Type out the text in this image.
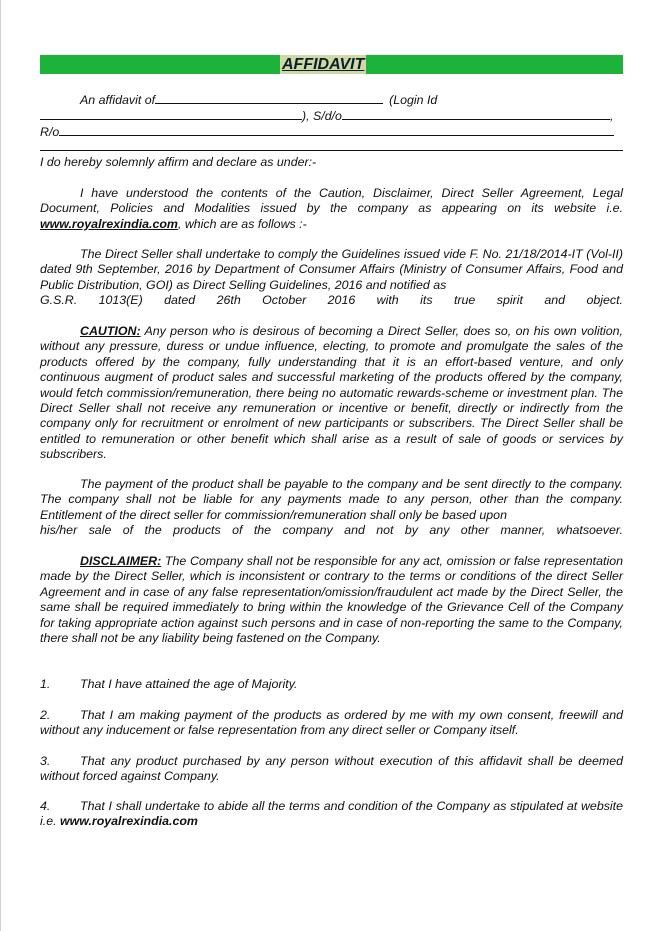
AFFIDAVIT
An affidavit of	(Login Id
), S/d/o	,
R/o

I do hereby solemnly affirm and declare as under:-

I have understood the contents of the Caution, Disclaimer, Direct Seller Agreement, Legal Document, Policies and Modalities issued by the company as appearing on its website i.e. www.royalrexindia.com, which are as follows :-

The Direct Seller shall undertake to comply the Guidelines issued vide F. No. 21/18/2014-IT (Vol-II) dated 9th September, 2016 by Department of Consumer Affairs (Ministry of Consumer Affairs, Food and Public Distribution, GOI) as Direct Selling Guidelines, 2016 and notified as

G.S.R. 1013(E) dated 26th October 2016 with its true spirit and object.

CAUTION: Any person who is desirous of becoming a Direct Seller, does so, on his own volition, without any pressure, duress or undue influence, electing, to promote and promulgate the sales of the products offered by the company, fully understanding that it is an effort-based venture, and only continuous augment of product sales and successful marketing of the products offered by the company, would fetch commission/remuneration, there being no automatic rewards-scheme or investment plan. The Direct Seller shall not receive any remuneration or incentive or benefit, directly or indirectly from the company only for recruitment or enrolment of new participants or subscribers. The Direct Seller shall be entitled to remuneration or other benefit which shall arise as a result of sale of goods or services by subscribers.

The payment of the product shall be payable to the company and be sent directly to the company. The company shall not be liable for any payments made to any person, other than the company. Entitlement of the direct seller for commission/remuneration shall only be based upon

his/her sale of the products of the company and not by any other manner, whatsoever.

DISCLAIMER: The Company shall not be responsible for any act, omission or false representation made by the Direct Seller, which is inconsistent or contrary to the terms or conditions of the direct Seller Agreement and in case of any false representation/omission/fraudulent act made by the Direct Seller, the same shall be required immediately to bring within the knowledge of the Grievance Cell of the Company for taking appropriate action against such persons and in case of non-reporting the same to the Company, there shall not be any liability being fastened on the Company.

1. That I have attained the age of Majority.

2. That I am making payment of the products as ordered by me with my own consent, freewill and without any inducement or false representation from any direct seller or Company itself.

3. That any product purchased by any person without execution of this affidavit shall be deemed without forced against Company.

4. That I shall undertake to abide all the terms and condition of the Company as stipulated at website i.e. www.royalrexindia.com
